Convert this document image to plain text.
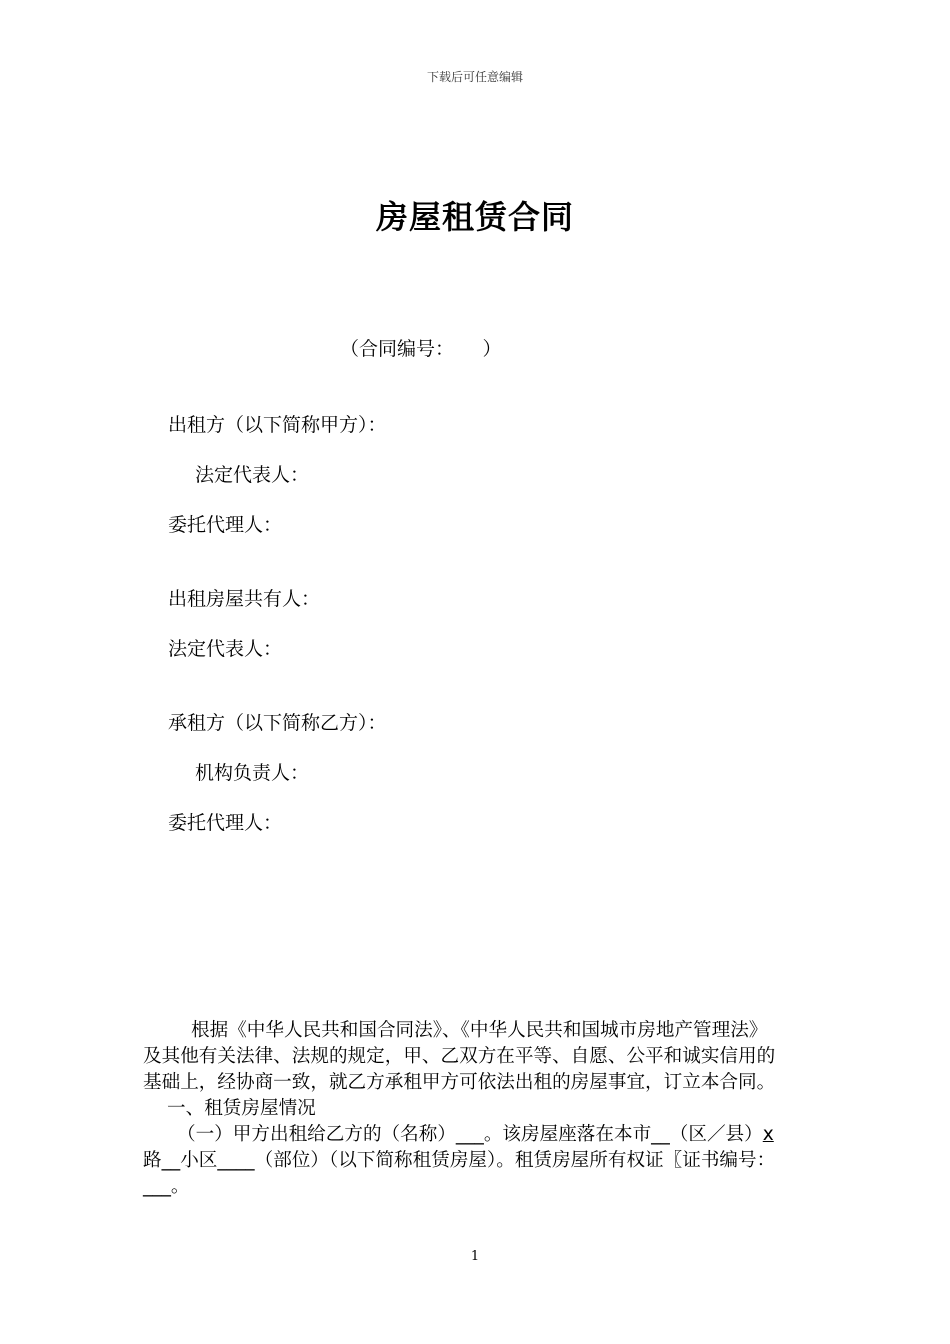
下载后可任意编辑
房屋租赁合同
（合同编号：　　）
出租方（以下简称甲方）：
法定代表人：
委托代理人：
出租房屋共有人：
法定代表人：
承租方（以下简称乙方）：
机构负责人：
委托代理人：

根据《中华人民共和国合同法》、《中华人民共和国城市房地产管理法》

及其他有关法律、法规的规定，甲、乙双方在平等、自愿、公平和诚实信用的

基础上，经协商一致，就乙方承租甲方可依法出租的房屋事宜，订立本合同。

一、租赁房屋情况

（一）甲方出租给乙方的（名称）___。该房屋座落在本市__（区／县）x

路__小区____（部位）（以下简称租赁房屋）。租赁房屋所有权证〖证书编号：

___。

1
